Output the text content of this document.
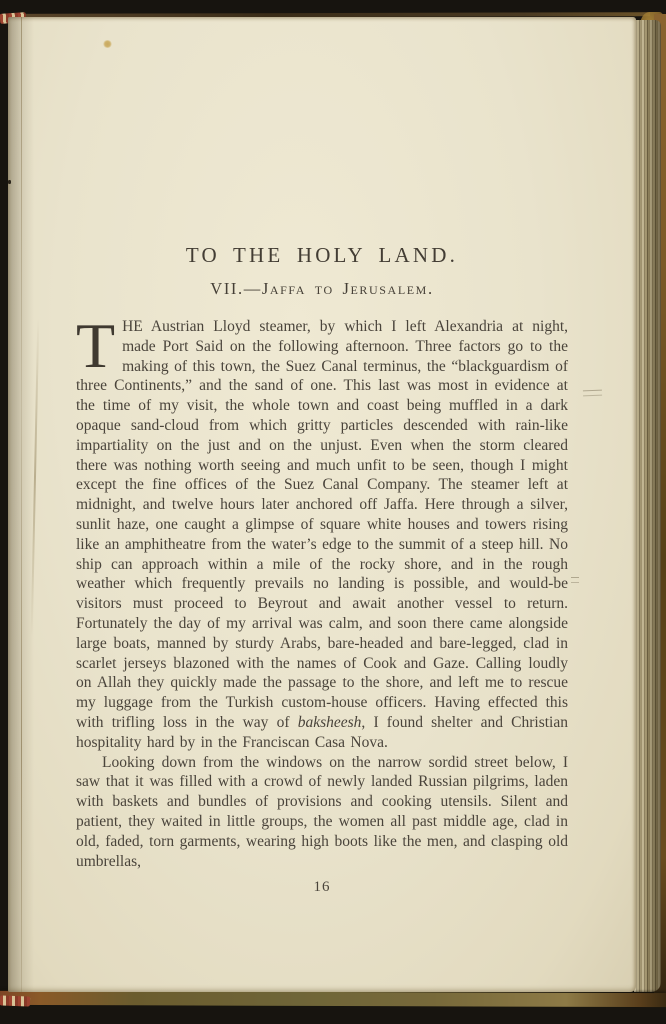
TO THE HOLY LAND.
VII.—Jaffa to Jerusalem.

THE Austrian Lloyd steamer, by which I left Alexandria at night, made Port Said on the following afternoon. Three factors go to the making of this town, the Suez Canal terminus, the “blackguardism of three Continents,” and the sand of one. This last was most in evidence at the time of my visit, the whole town and coast being muffled in a dark opaque sand-cloud from which gritty particles descended with rain-like impartiality on the just and on the unjust. Even when the storm cleared there was nothing worth seeing and much unfit to be seen, though I might except the fine offices of the Suez Canal Company. The steamer left at midnight, and twelve hours later anchored off Jaffa. Here through a silver, sunlit haze, one caught a glimpse of square white houses and towers rising like an amphitheatre from the water’s edge to the summit of a steep hill. No ship can approach within a mile of the rocky shore, and in the rough weather which frequently prevails no landing is possible, and would-be visitors must proceed to Beyrout and await another vessel to return. Fortunately the day of my arrival was calm, and soon there came alongside large boats, manned by sturdy Arabs, bare-headed and bare-legged, clad in scarlet jerseys blazoned with the names of Cook and Gaze. Calling loudly on Allah they quickly made the passage to the shore, and left me to rescue my luggage from the Turkish custom-house officers. Having effected this with trifling loss in the way of baksheesh, I found shelter and Christian hospitality hard by in the Franciscan Casa Nova.

Looking down from the windows on the narrow sordid street below, I saw that it was filled with a crowd of newly landed Russian pilgrims, laden with baskets and bundles of provisions and cooking utensils. Silent and patient, they waited in little groups, the women all past middle age, clad in old, faded, torn garments, wearing high boots like the men, and clasping old umbrellas,

16
